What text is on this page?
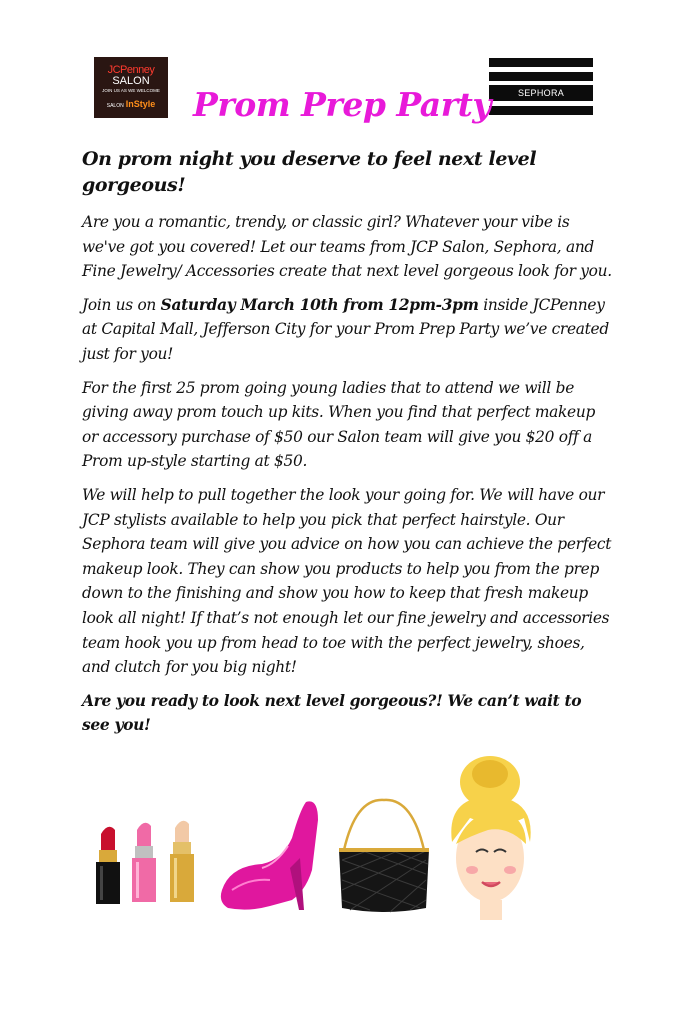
JCPenney
SALON
JOIN US AS WE WELCOME
SALON InStyle
SEPHORA
Prom Prep Party

On prom night you deserve to feel next level gorgeous!

Are you a romantic, trendy, or classic girl? Whatever your vibe is we've got you covered! Let our teams from JCP Salon, Sephora, and Fine Jewelry/ Accessories create that next level gorgeous look for you.

Join us on Saturday March 10th from 12pm-3pm inside JCPenney at Capital Mall, Jefferson City for your Prom Prep Party we’ve created just for you!

For the first 25 prom going young ladies that to attend we will be giving away prom touch up kits. When you find that perfect makeup or accessory purchase of $50 our Salon team will give you $20 off a Prom up-style starting at $50.

We will help to pull together the look your going for. We will have our JCP stylists available to help you pick that perfect hairstyle. Our Sephora team will give you advice on how you can achieve the perfect makeup look. They can show you products to help you from the prep down to the finishing and show you how to keep that fresh makeup look all night! If that’s not enough let our fine jewelry and accessories team hook you up from head to toe with the perfect jewelry, shoes, and clutch for you big night!

Are you ready to look next level gorgeous?! We can’t wait to see you!
